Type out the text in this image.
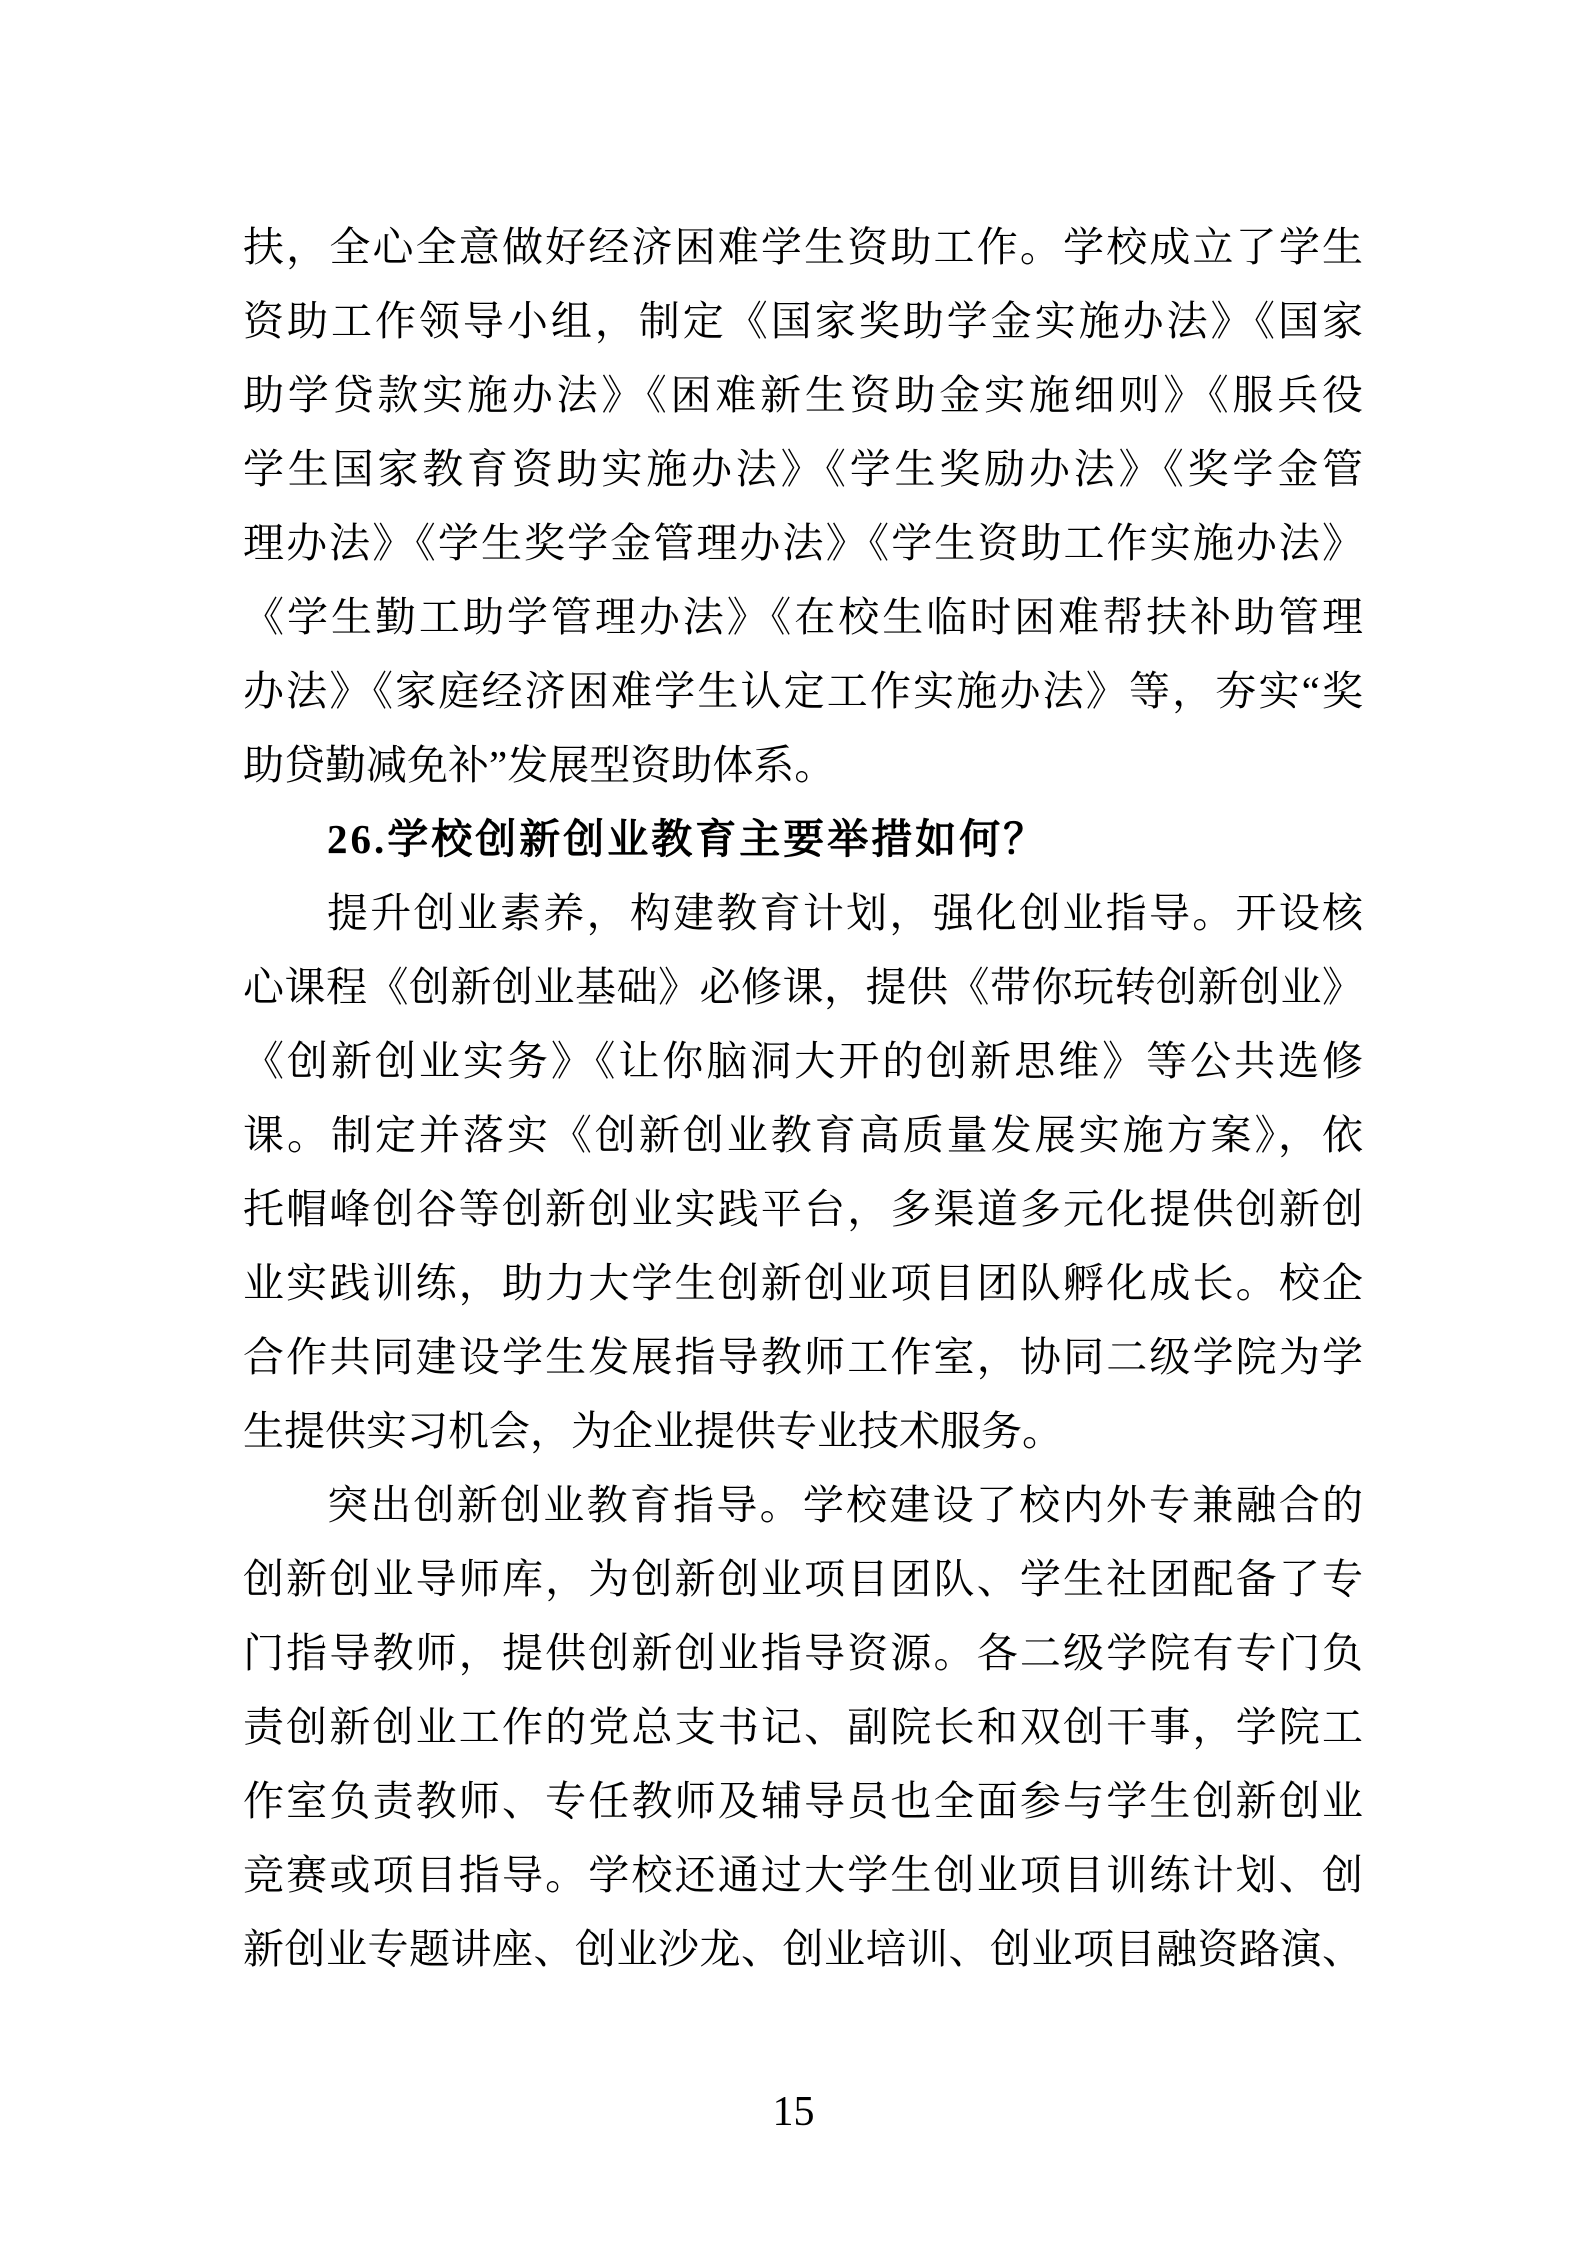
扶，全心全意做好经济困难学生资助工作。学校成立了学生
资助工作领导小组，制定《国家奖助学金实施办法》《国家
助学贷款实施办法》《困难新生资助金实施细则》《服兵役
学生国家教育资助实施办法》《学生奖励办法》《奖学金管
理办法》《学生奖学金管理办法》《学生资助工作实施办法》
《学生勤工助学管理办法》《在校生临时困难帮扶补助管理
办法》《家庭经济困难学生认定工作实施办法》等，夯实“奖
助贷勤减免补”发展型资助体系。
26.学校创新创业教育主要举措如何？
提升创业素养，构建教育计划，强化创业指导。开设核
心课程《创新创业基础》必修课，提供《带你玩转创新创业》
《创新创业实务》《让你脑洞大开的创新思维》等公共选修
课。制定并落实《创新创业教育高质量发展实施方案》，依
托帽峰创谷等创新创业实践平台，多渠道多元化提供创新创
业实践训练，助力大学生创新创业项目团队孵化成长。校企
合作共同建设学生发展指导教师工作室，协同二级学院为学
生提供实习机会，为企业提供专业技术服务。
突出创新创业教育指导。学校建设了校内外专兼融合的
创新创业导师库，为创新创业项目团队、学生社团配备了专
门指导教师，提供创新创业指导资源。各二级学院有专门负
责创新创业工作的党总支书记、副院长和双创干事，学院工
作室负责教师、专任教师及辅导员也全面参与学生创新创业
竞赛或项目指导。学校还通过大学生创业项目训练计划、创
新创业专题讲座、创业沙龙、创业培训、创业项目融资路演、
15
